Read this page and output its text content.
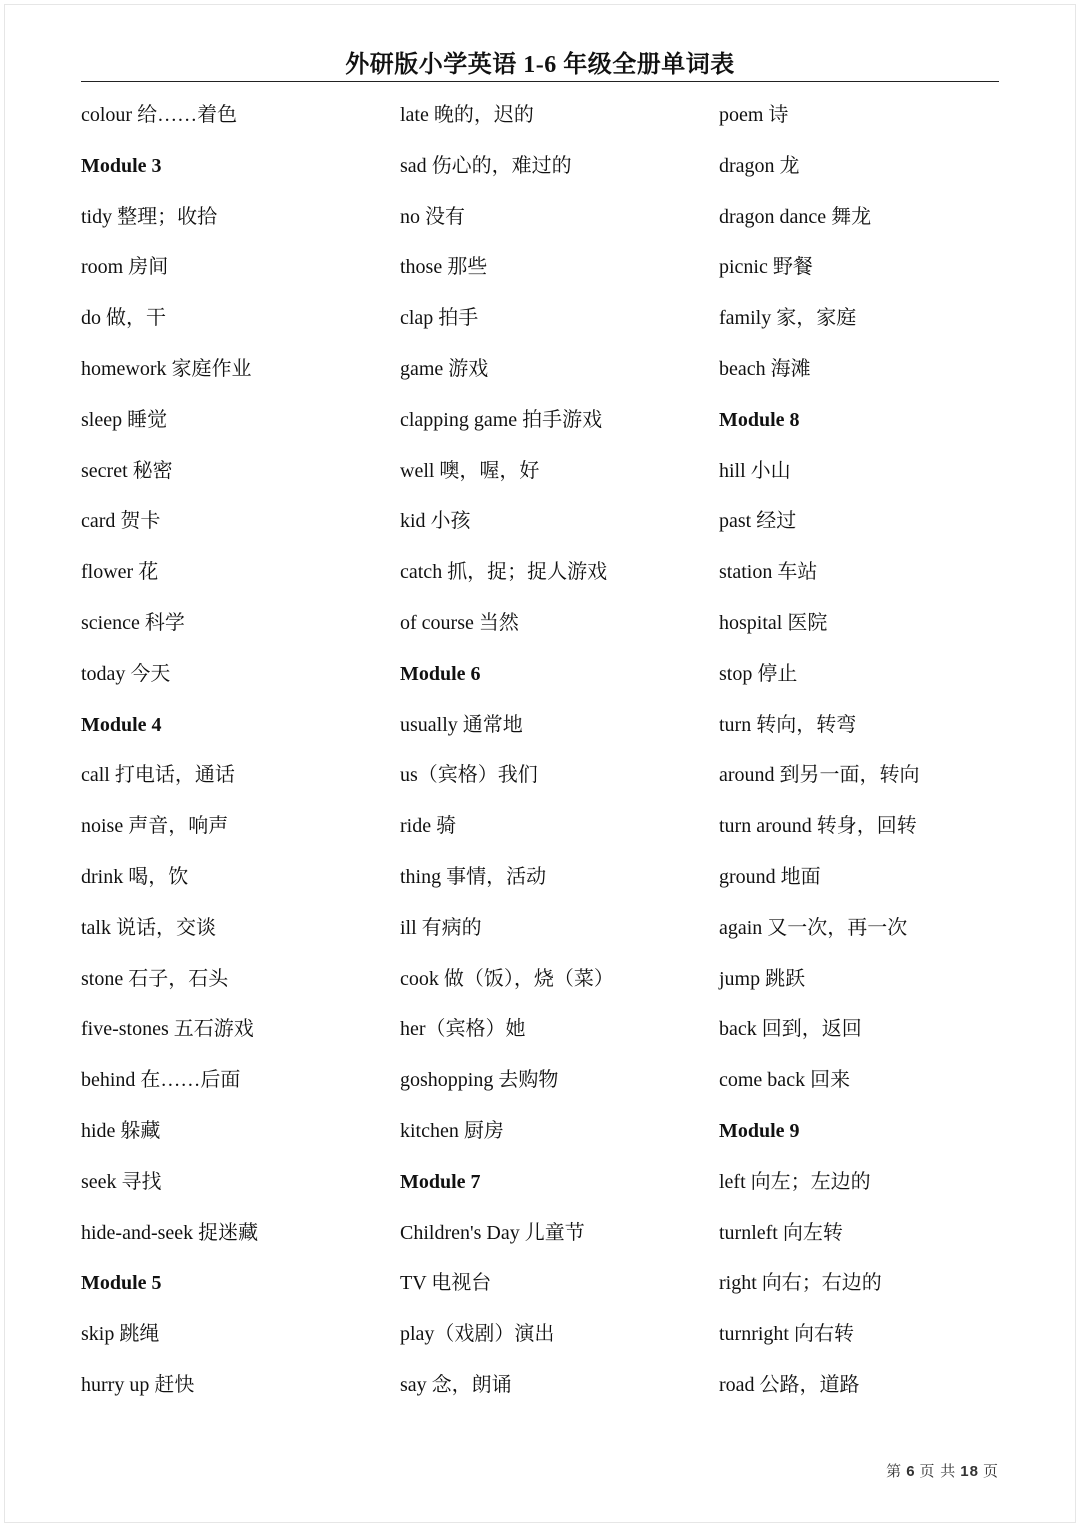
外研版小学英语 1-6 年级全册单词表
colour 给……着色
Module 3
tidy 整理；收拾
room 房间
do 做，干
homework 家庭作业
sleep 睡觉
secret 秘密
card 贺卡
flower 花
science 科学
today 今天
Module 4
call 打电话，通话
noise 声音，响声
drink 喝，饮
talk 说话，交谈
stone 石子，石头
five-stones 五石游戏
behind 在……后面
hide 躲藏
seek 寻找
hide-and-seek 捉迷藏
Module 5
skip 跳绳
hurry up 赶快
late 晚的，迟的
sad 伤心的，难过的
no 没有
those 那些
clap 拍手
game 游戏
clapping game 拍手游戏
well 噢，喔，好
kid 小孩
catch 抓，捉；捉人游戏
of course 当然
Module 6
usually 通常地
us（宾格）我们
ride 骑
thing 事情，活动
ill 有病的
cook 做（饭），烧（菜）
her（宾格）她
goshopping 去购物
kitchen 厨房
Module 7
Children's Day 儿童节
TV 电视台
play（戏剧）演出
say 念，朗诵
poem 诗
dragon 龙
dragon dance 舞龙
picnic 野餐
family 家，家庭
beach 海滩
Module 8
hill 小山
past 经过
station 车站
hospital 医院
stop 停止
turn 转向，转弯
around 到另一面，转向
turn around 转身，回转
ground 地面
again 又一次，再一次
jump 跳跃
back 回到，返回
come back 回来
Module 9
left 向左；左边的
turnleft 向左转
right 向右；右边的
turnright 向右转
road 公路，道路
第 6 页 共 18 页
